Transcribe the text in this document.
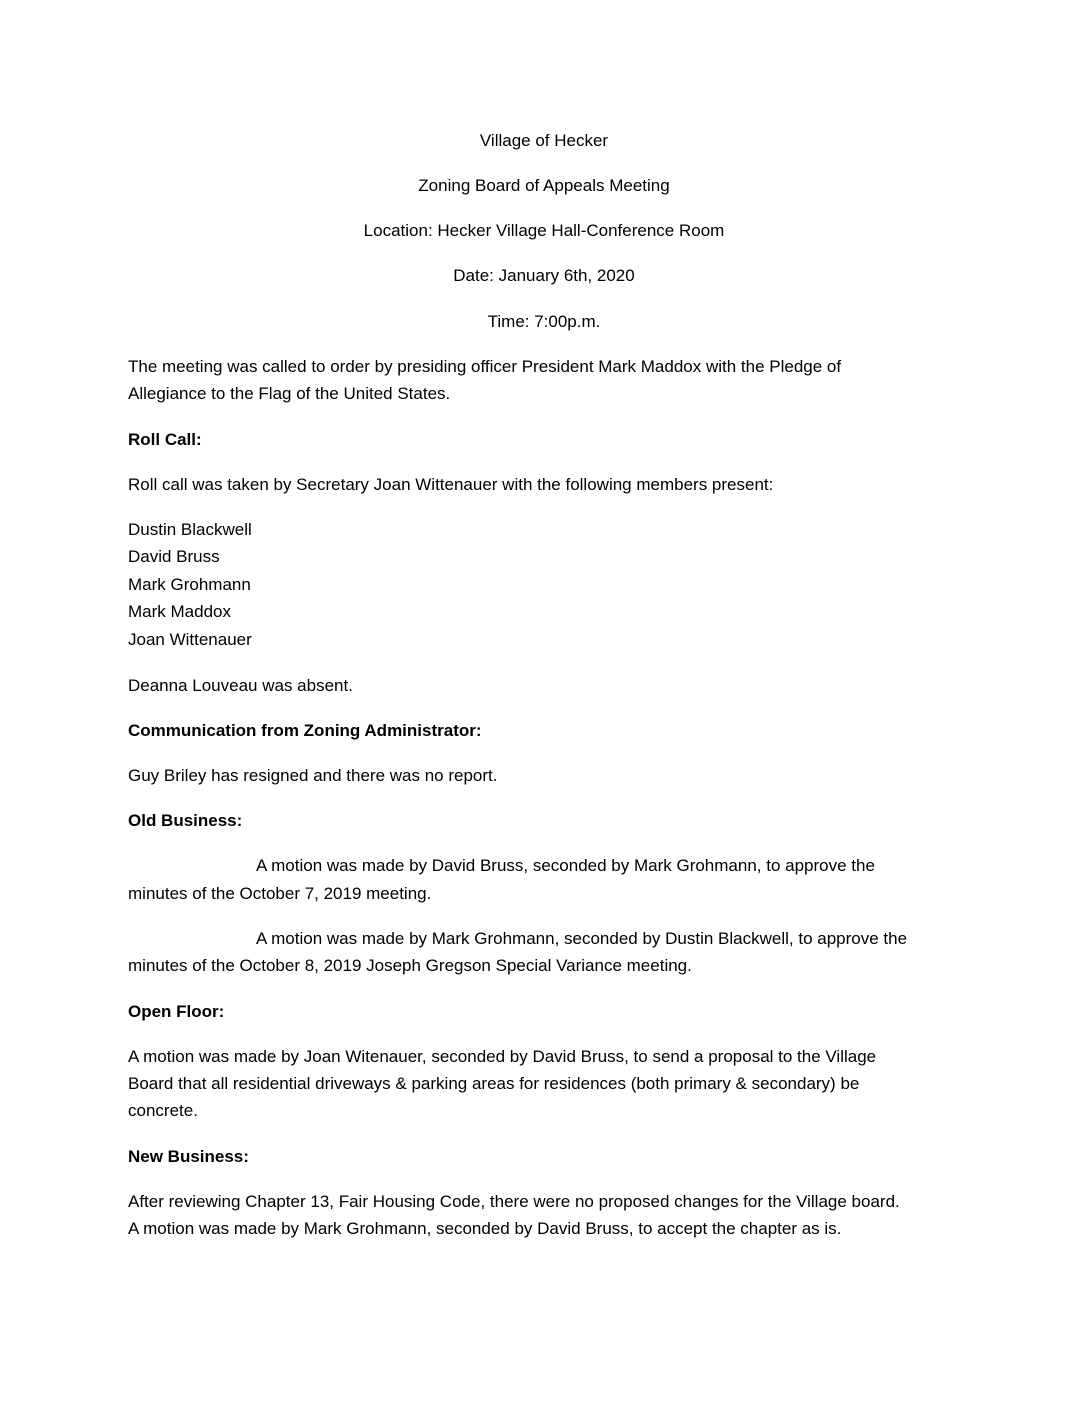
Village of Hecker
Zoning Board of Appeals Meeting
Location: Hecker Village Hall-Conference Room
Date: January 6th, 2020
Time: 7:00p.m.
The meeting was called to order by presiding officer President Mark Maddox with the Pledge of
Allegiance to the Flag of the United States.
Roll Call:
Roll call was taken by Secretary Joan Wittenauer with the following members present:
Dustin Blackwell
David Bruss
Mark Grohmann
Mark Maddox
Joan Wittenauer
Deanna Louveau was absent.
Communication from Zoning Administrator:
Guy Briley has resigned and there was no report.
Old Business:
A motion was made by David Bruss, seconded by Mark Grohmann, to approve the
minutes of the October 7, 2019 meeting.
A motion was made by Mark Grohmann, seconded by Dustin Blackwell, to approve the
minutes of the October 8, 2019 Joseph Gregson Special Variance meeting.
Open Floor:
A motion was made by Joan Witenauer, seconded by David Bruss, to send a proposal to the Village
Board that all residential driveways & parking areas for residences (both primary & secondary) be
concrete.
New Business:
After reviewing Chapter 13, Fair Housing Code, there were no proposed changes for the Village board.
A motion was made by Mark Grohmann, seconded by David Bruss, to accept the chapter as is.
